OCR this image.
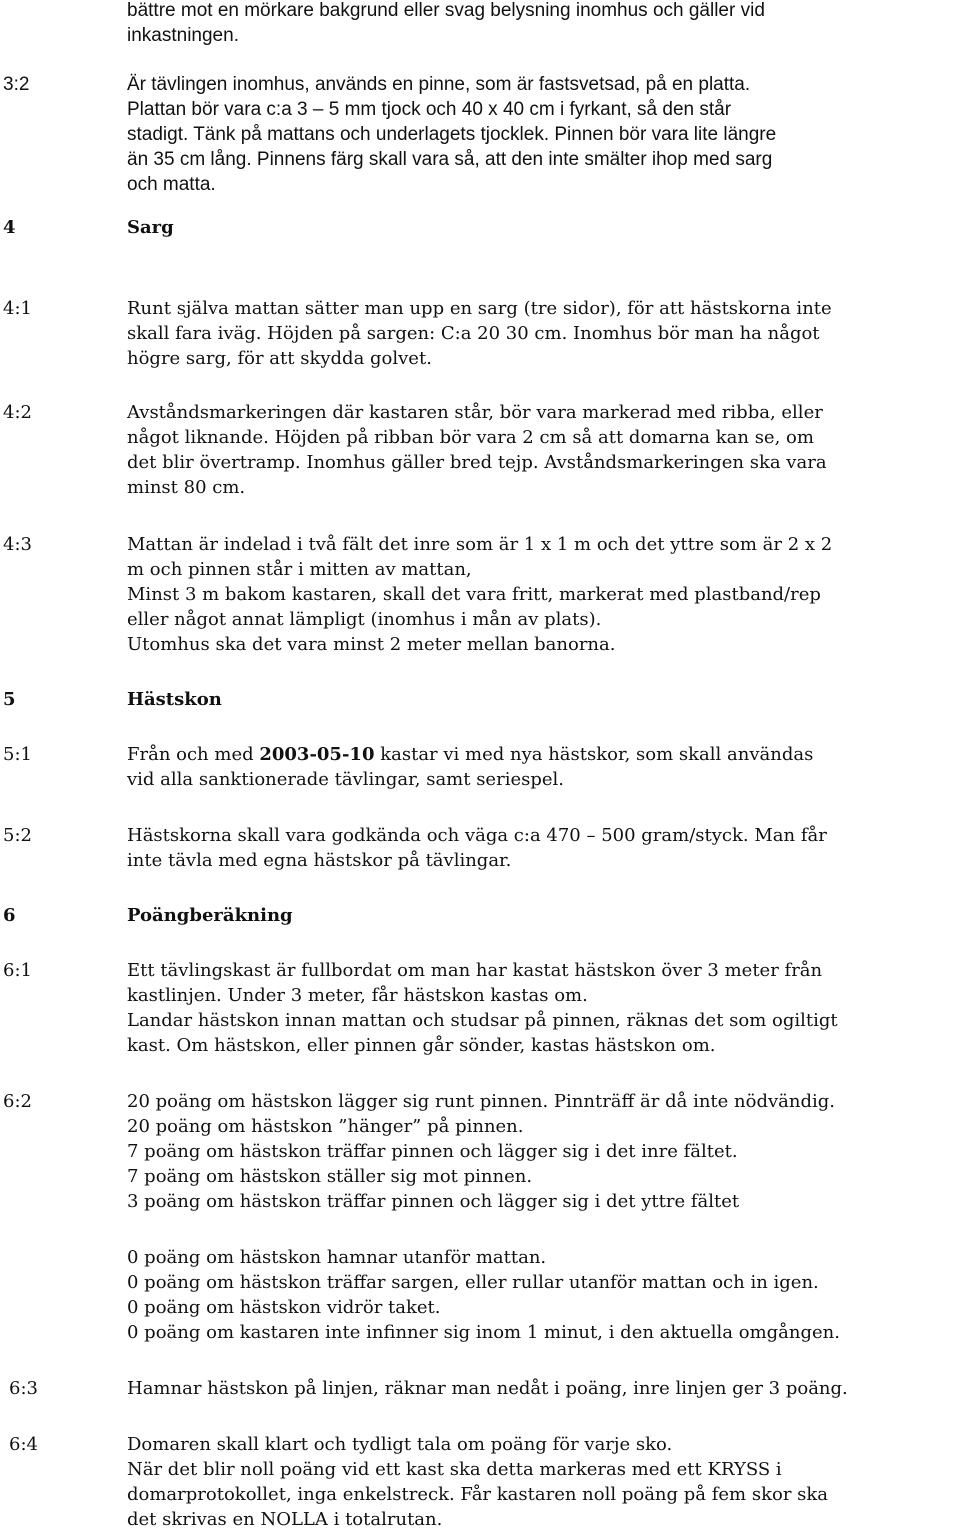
bättre mot en mörkare bakgrund eller svag belysning inomhus och gäller vid
inkastningen.
3:2	Är tävlingen inomhus, används en pinne, som är fastsvetsad, på en platta.
Plattan bör vara c:a 3 – 5 mm tjock och 40 x 40 cm i fyrkant, så den står
stadigt. Tänk på mattans och underlagets tjocklek. Pinnen bör vara lite längre
än 35 cm lång. Pinnens färg skall vara så, att den inte smälter ihop med sarg
och matta.
4	Sarg
4:1	Runt själva mattan sätter man upp en sarg (tre sidor), för att hästskorna inte
skall fara iväg. Höjden på sargen: C:a 20 30 cm. Inomhus bör man ha något
högre sarg, för att skydda golvet.
4:2	Avståndsmarkeringen där kastaren står, bör vara markerad med ribba, eller
något liknande. Höjden på ribban bör vara 2 cm så att domarna kan se, om
det blir övertramp. Inomhus gäller bred tejp. Avståndsmarkeringen ska vara
minst 80 cm.
4:3	Mattan är indelad i två fält det inre som är 1 x 1 m och det yttre som är 2 x 2
m och pinnen står i mitten av mattan,
Minst 3 m bakom kastaren, skall det vara fritt, markerat med plastband/rep
eller något annat lämpligt (inomhus i mån av plats).
Utomhus ska det vara minst 2 meter mellan banorna.
5	Hästskon
5:1	Från och med 2003-05-10 kastar vi med nya hästskor, som skall användas
vid alla sanktionerade tävlingar, samt seriespel.
5:2	Hästskorna skall vara godkända och väga c:a 470 – 500 gram/styck. Man får
inte tävla med egna hästskor på tävlingar.
6	Poängberäkning
6:1	Ett tävlingskast är fullbordat om man har kastat hästskon över 3 meter från
kastlinjen. Under 3 meter, får hästskon kastas om.
Landar hästskon innan mattan och studsar på pinnen, räknas det som ogiltigt
kast. Om hästskon, eller pinnen går sönder, kastas hästskon om.
6:2	20 poäng om hästskon lägger sig runt pinnen. Pinnträff är då inte nödvändig.
20 poäng om hästskon ”hänger” på pinnen.
7 poäng om hästskon träffar pinnen och lägger sig i det inre fältet.
7 poäng om hästskon ställer sig mot pinnen.
3 poäng om hästskon träffar pinnen och lägger sig i det yttre fältet
0 poäng om hästskon hamnar utanför mattan.
0 poäng om hästskon träffar sargen, eller rullar utanför mattan och in igen.
0 poäng om hästskon vidrör taket.
0 poäng om kastaren inte infinner sig inom 1 minut, i den aktuella omgången.
6:3	Hamnar hästskon på linjen, räknar man nedåt i poäng, inre linjen ger 3 poäng.
6:4	Domaren skall klart och tydligt tala om poäng för varje sko.
När det blir noll poäng vid ett kast ska detta markeras med ett KRYSS i
domarprotokollet, inga enkelstreck. Får kastaren noll poäng på fem skor ska
det skrivas en NOLLA i totalrutan.
